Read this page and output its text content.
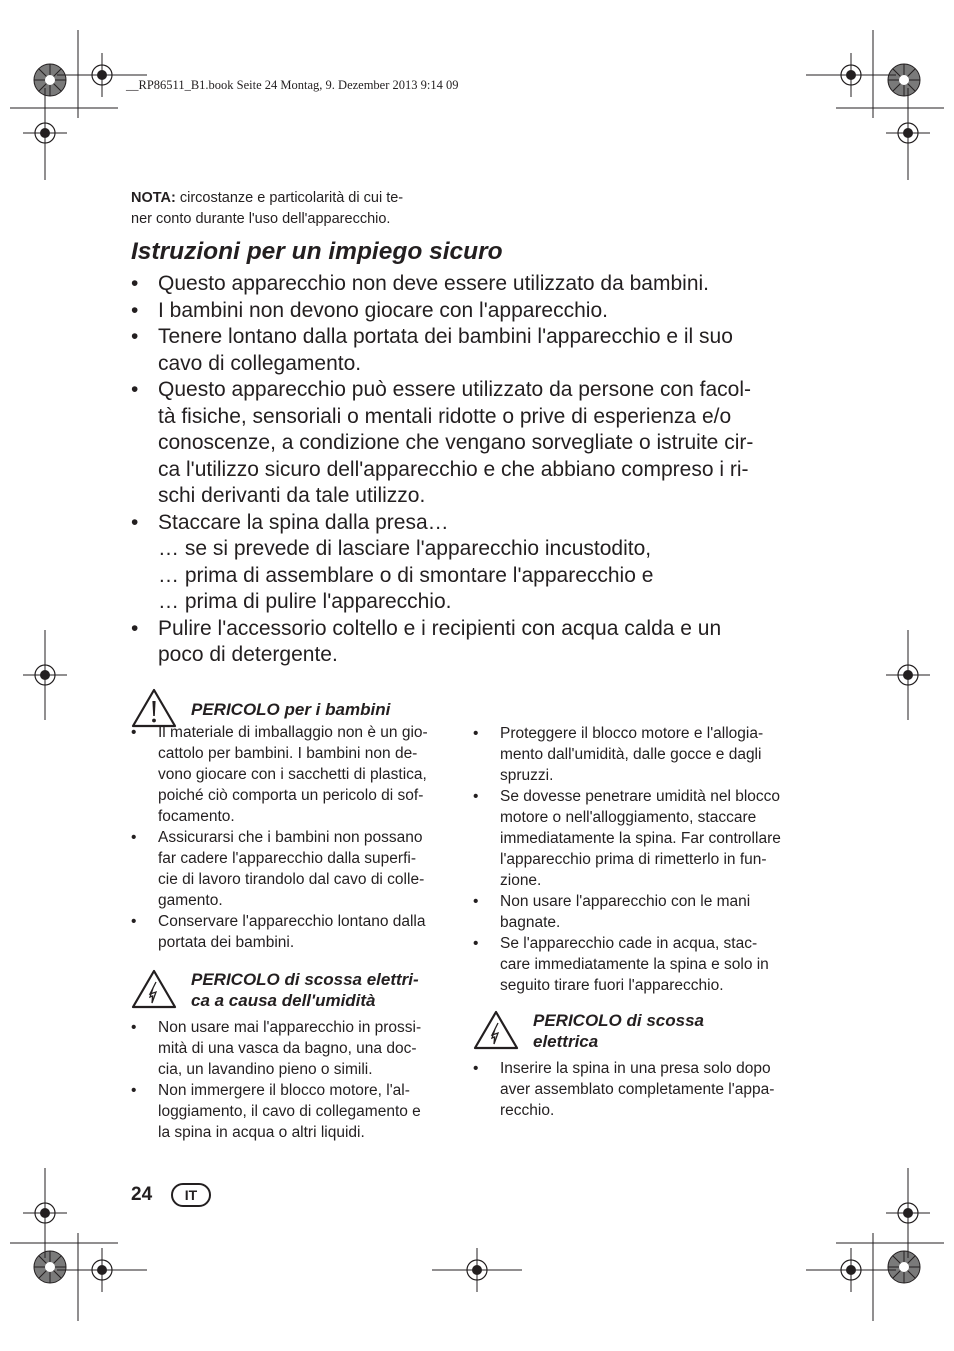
__RP86511_B1.book Seite 24 Montag, 9. Dezember 2013 9:14 09
NOTA: circostanze e particolarità di cui te-
ner conto durante l'uso dell'apparecchio.
Istruzioni per un impiego sicuro
• Questo apparecchio non deve essere utilizzato da bambini.
• I bambini non devono giocare con l'apparecchio.
• Tenere lontano dalla portata dei bambini l'apparecchio e il suo
cavo di collegamento.
• Questo apparecchio può essere utilizzato da persone con facol-
tà fisiche, sensoriali o mentali ridotte o prive di esperienza e/o
conoscenze, a condizione che vengano sorvegliate o istruite cir-
ca l'utilizzo sicuro dell'apparecchio e che abbiano compreso i ri-
schi derivanti da tale utilizzo.
• Staccare la spina dalla presa…
… se si prevede di lasciare l'apparecchio incustodito,
… prima di assemblare o di smontare l'apparecchio e
… prima di pulire l'apparecchio.
• Pulire l'accessorio coltello e i recipienti con acqua calda e un
poco di detergente.
PERICOLO per i bambini
• Il materiale di imballaggio non è un gio-
cattolo per bambini. I bambini non de-
vono giocare con i sacchetti di plastica,
poiché ciò comporta un pericolo di sof-
focamento.
• Assicurarsi che i bambini non possano
far cadere l'apparecchio dalla superfi-
cie di lavoro tirandolo dal cavo di colle-
gamento.
• Conservare l'apparecchio lontano dalla
portata dei bambini.
PERICOLO di scossa elettri-
ca a causa dell'umidità
• Non usare mai l'apparecchio in prossi-
mità di una vasca da bagno, una doc-
cia, un lavandino pieno o simili.
• Non immergere il blocco motore, l'al-
loggiamento, il cavo di collegamento e
la spina in acqua o altri liquidi.
• Proteggere il blocco motore e l'allogia-
mento dall'umidità, dalle gocce e dagli
spruzzi.
• Se dovesse penetrare umidità nel blocco
motore o nell'alloggiamento, staccare
immediatamente la spina. Far controllare
l'apparecchio prima di rimetterlo in fun-
zione.
• Non usare l'apparecchio con le mani
bagnate.
• Se l'apparecchio cade in acqua, stac-
care immediatamente la spina e solo in
seguito tirare fuori l'apparecchio.
PERICOLO di scossa
elettrica
• Inserire la spina in una presa solo dopo
aver assemblato completamente l'appa-
recchio.
24	IT
